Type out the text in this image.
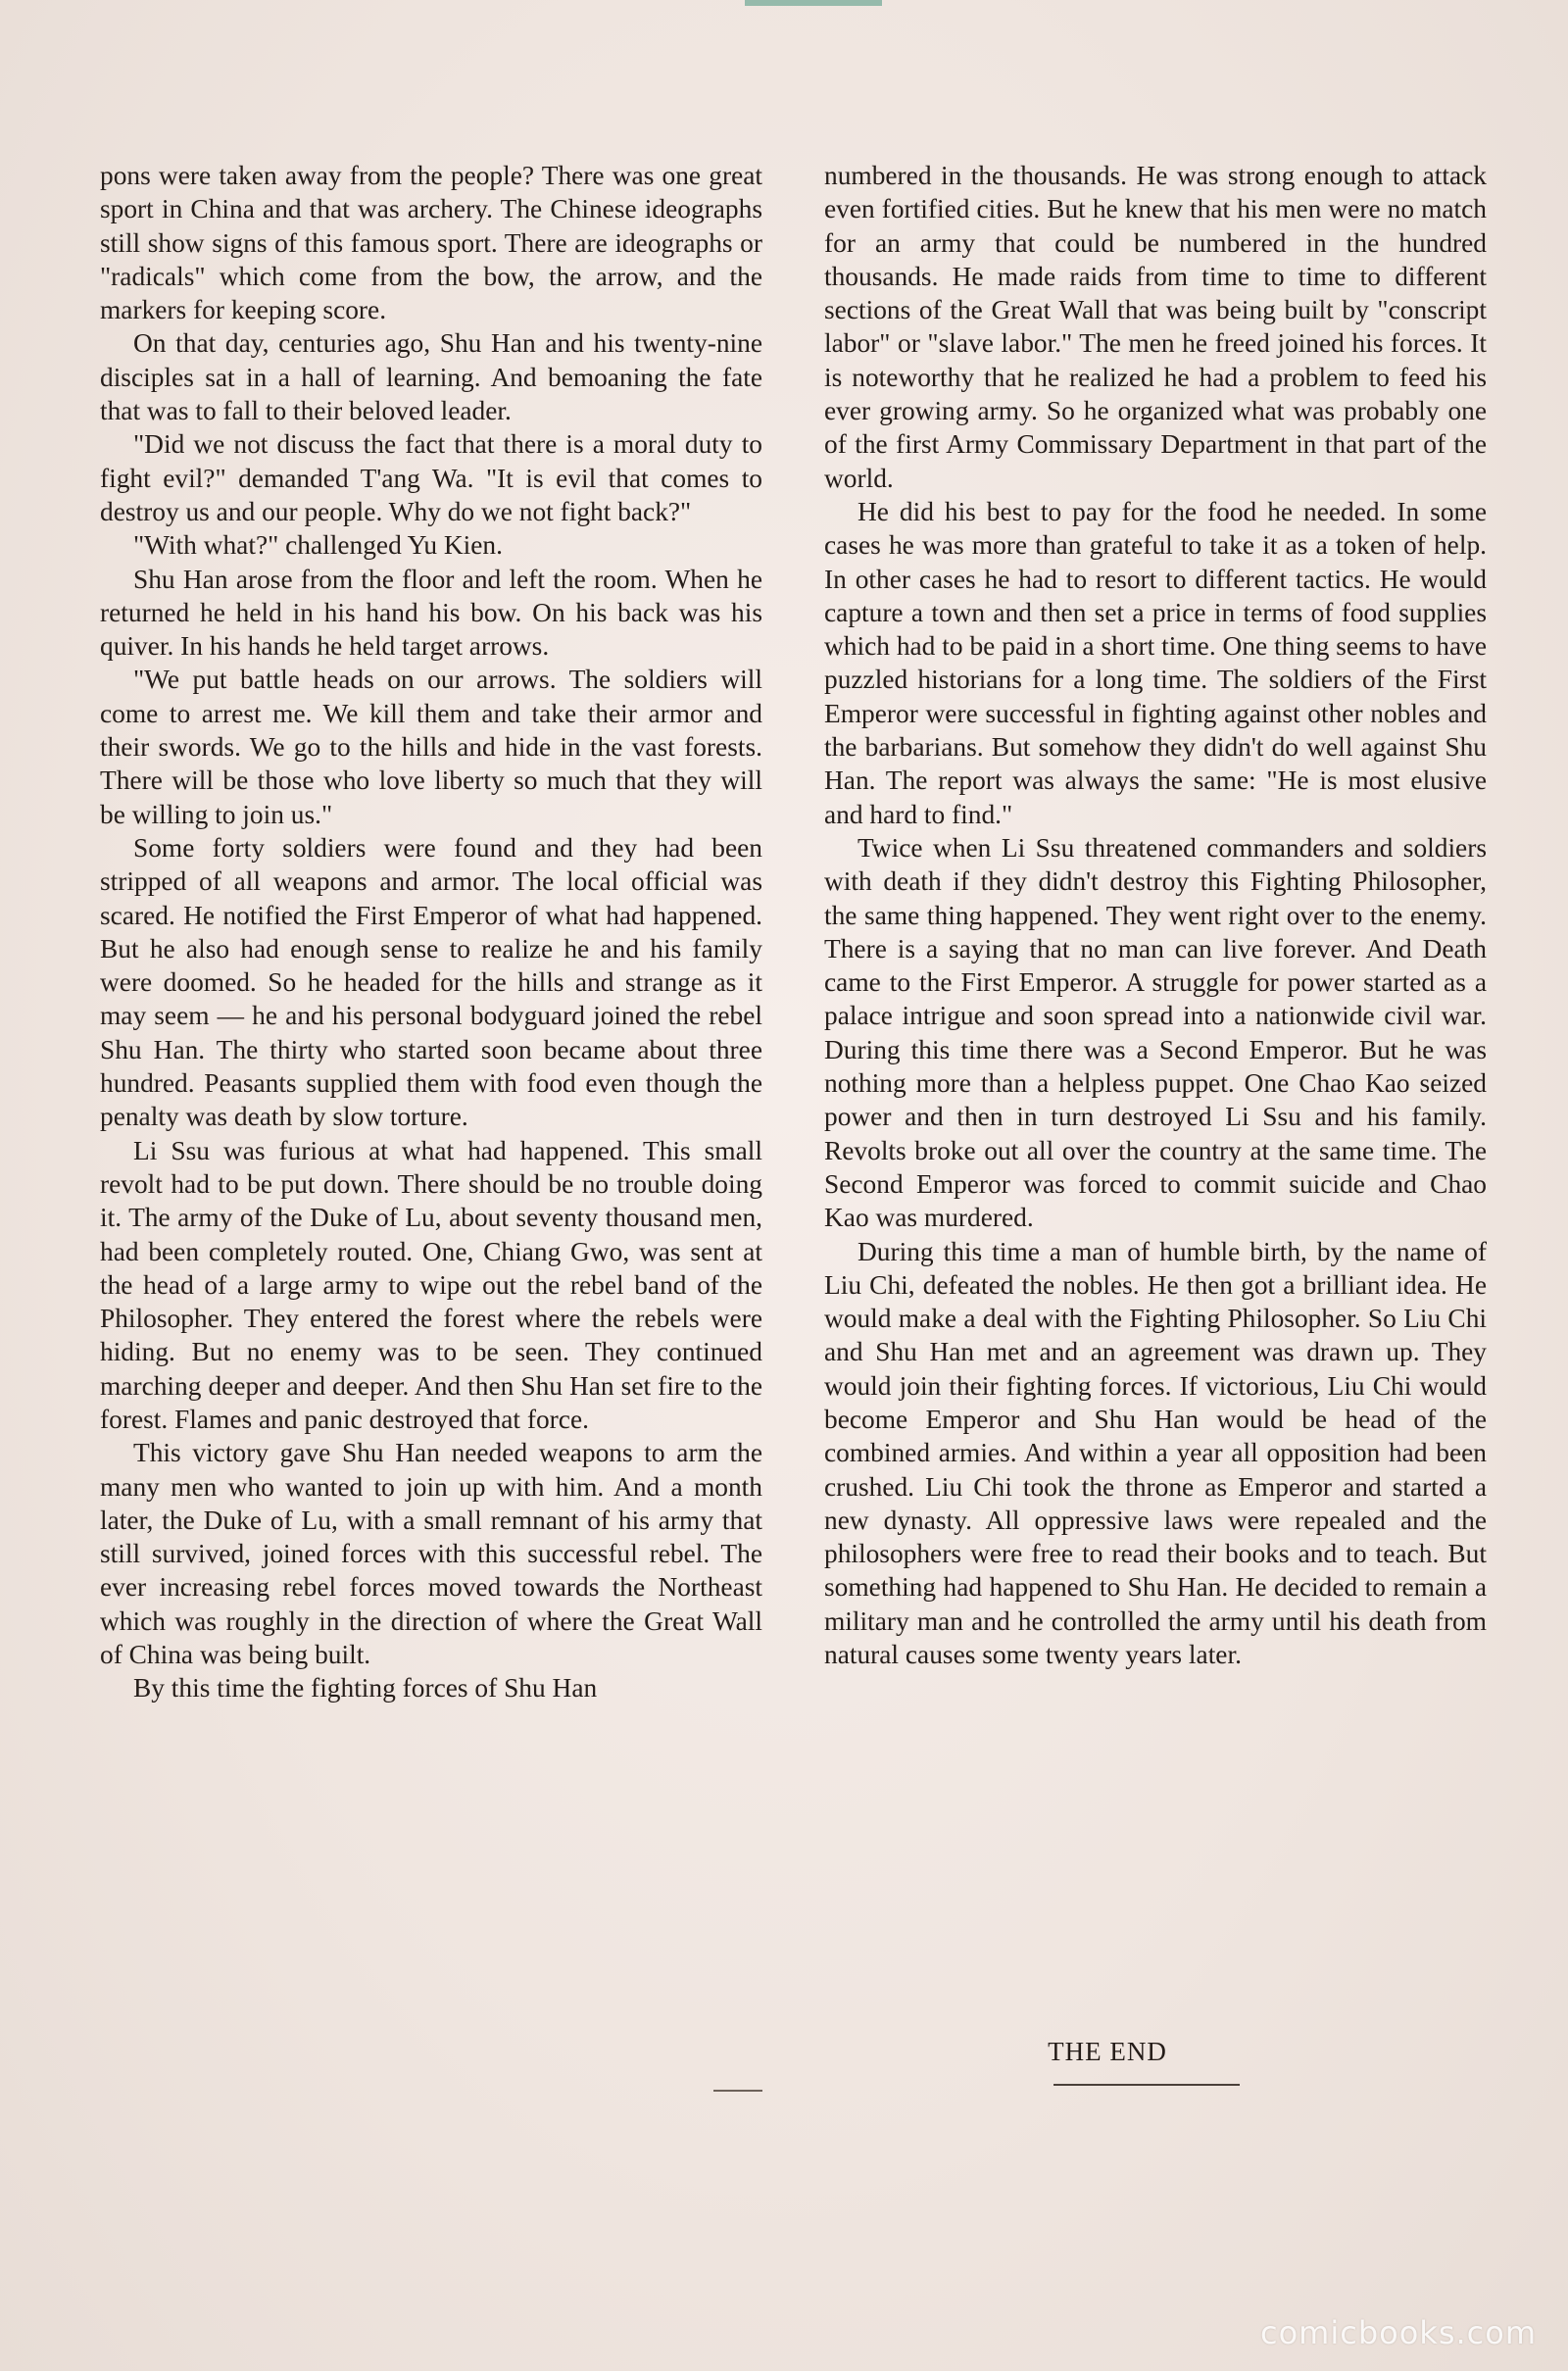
pons were taken away from the people? There was one great sport in China and that was archery. The Chinese ideographs still show signs of this famous sport. There are ideographs or "radicals" which come from the bow, the arrow, and the markers for keeping score.

On that day, centuries ago, Shu Han and his twenty-nine disciples sat in a hall of learning. And bemoaning the fate that was to fall to their beloved leader.

"Did we not discuss the fact that there is a moral duty to fight evil?" demanded T'ang Wa. "It is evil that comes to destroy us and our people. Why do we not fight back?"

"With what?" challenged Yu Kien.

Shu Han arose from the floor and left the room. When he returned he held in his hand his bow. On his back was his quiver. In his hands he held target arrows.

"We put battle heads on our arrows. The soldiers will come to arrest me. We kill them and take their armor and their swords. We go to the hills and hide in the vast forests. There will be those who love liberty so much that they will be willing to join us."

Some forty soldiers were found and they had been stripped of all weapons and armor. The local official was scared. He notified the First Emperor of what had happened. But he also had enough sense to realize he and his family were doomed. So he headed for the hills and strange as it may seem — he and his personal bodyguard joined the rebel Shu Han. The thirty who started soon became about three hundred. Peasants supplied them with food even though the penalty was death by slow torture.

Li Ssu was furious at what had happened. This small revolt had to be put down. There should be no trouble doing it. The army of the Duke of Lu, about seventy thousand men, had been completely routed. One, Chiang Gwo, was sent at the head of a large army to wipe out the rebel band of the Philosopher. They entered the forest where the rebels were hiding. But no enemy was to be seen. They continued marching deeper and deeper. And then Shu Han set fire to the forest. Flames and panic destroyed that force.

This victory gave Shu Han needed weapons to arm the many men who wanted to join up with him. And a month later, the Duke of Lu, with a small remnant of his army that still survived, joined forces with this successful rebel. The ever increasing rebel forces moved towards the Northeast which was roughly in the direction of where the Great Wall of China was being built.

By this time the fighting forces of Shu Han

numbered in the thousands. He was strong enough to attack even fortified cities. But he knew that his men were no match for an army that could be numbered in the hundred thousands. He made raids from time to time to different sections of the Great Wall that was being built by "conscript labor" or "slave labor." The men he freed joined his forces. It is noteworthy that he realized he had a problem to feed his ever growing army. So he organized what was probably one of the first Army Commissary Department in that part of the world.

He did his best to pay for the food he needed. In some cases he was more than grateful to take it as a token of help. In other cases he had to resort to different tactics. He would capture a town and then set a price in terms of food supplies which had to be paid in a short time. One thing seems to have puzzled historians for a long time. The soldiers of the First Emperor were successful in fighting against other nobles and the barbarians. But somehow they didn't do well against Shu Han. The report was always the same: "He is most elusive and hard to find."

Twice when Li Ssu threatened commanders and soldiers with death if they didn't destroy this Fighting Philosopher, the same thing happened. They went right over to the enemy. There is a saying that no man can live forever. And Death came to the First Emperor. A struggle for power started as a palace intrigue and soon spread into a nationwide civil war. During this time there was a Second Emperor. But he was nothing more than a helpless puppet. One Chao Kao seized power and then in turn destroyed Li Ssu and his family. Revolts broke out all over the country at the same time. The Second Emperor was forced to commit suicide and Chao Kao was murdered.

During this time a man of humble birth, by the name of Liu Chi, defeated the nobles. He then got a brilliant idea. He would make a deal with the Fighting Philosopher. So Liu Chi and Shu Han met and an agreement was drawn up. They would join their fighting forces. If victorious, Liu Chi would become Emperor and Shu Han would be head of the combined armies. And within a year all opposition had been crushed. Liu Chi took the throne as Emperor and started a new dynasty. All oppressive laws were repealed and the philosophers were free to read their books and to teach. But something had happened to Shu Han. He decided to remain a military man and he controlled the army until his death from natural causes some twenty years later.

THE END
comicbooks.com
